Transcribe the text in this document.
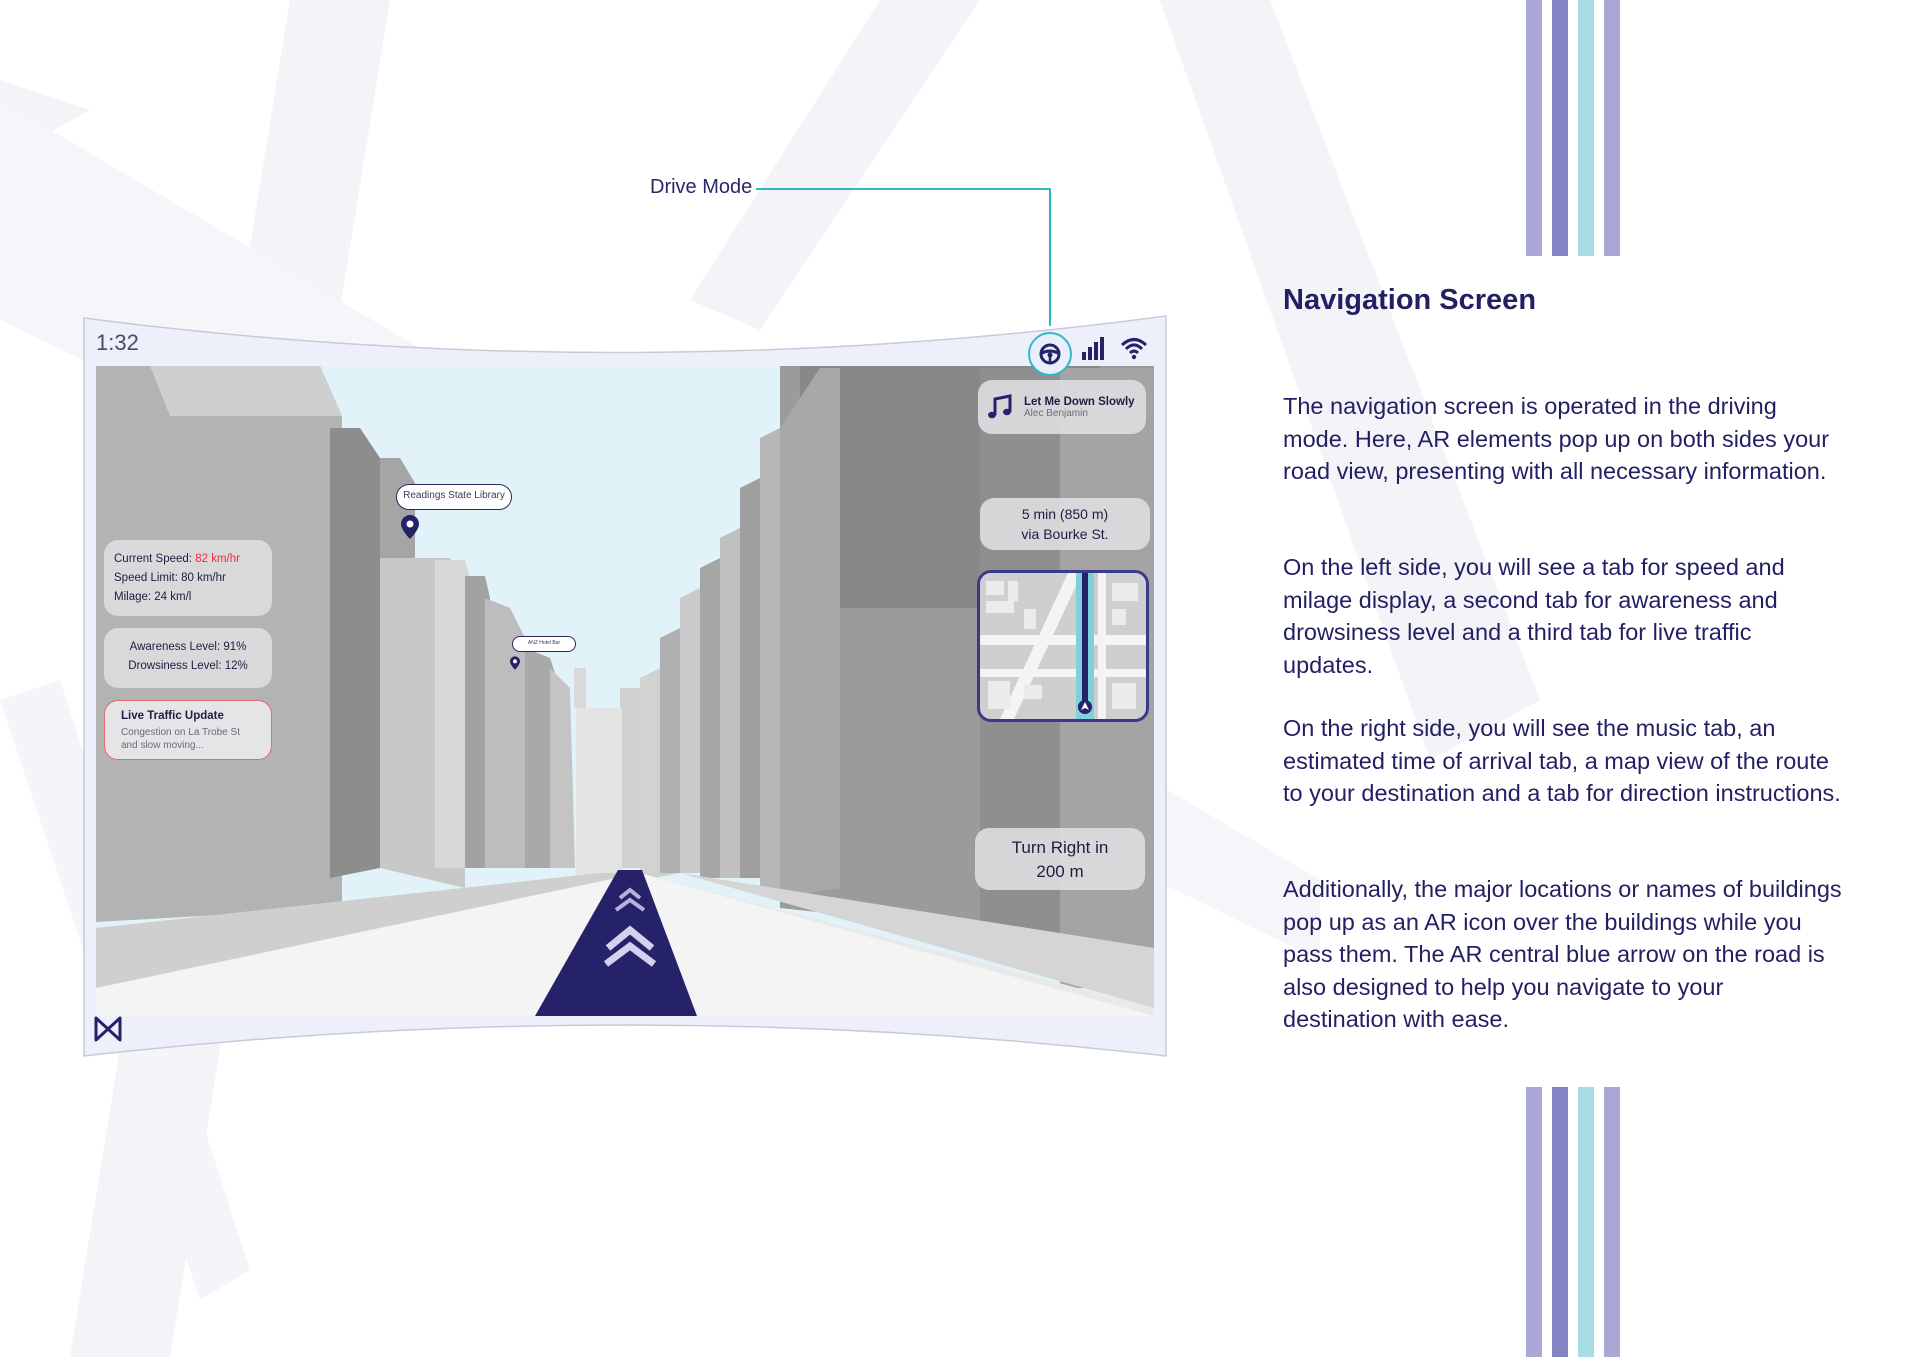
Drive Mode
1:32
Current Speed: 82 km/hr
Speed Limit: 80 km/hr
Milage: 24 km/l
Awareness Level: 91%
Drowsiness Level: 12%
Live Traffic Update
Congestion on La Trobe St and slow moving...
Readings State Library
ANZ Hotel Bar
Let Me Down Slowly
Alec Benjamin
5 min (850 m)
via Bourke St.
Turn Right in
200 m
Navigation Screen

The navigation screen is operated in the driving mode. Here, AR elements pop up on both sides your road view, presenting with all necessary information.

On the left side, you will see a tab for speed and milage display, a second tab for awareness and drowsiness level and a third tab for live traffic updates.

On the right side, you will see the music tab, an estimated time of arrival tab, a map view of the route to your destination and a tab for direction instructions.

Additionally, the major locations or names of buildings pop up as an AR icon over the buildings while you pass them. The AR central blue arrow on the road is also designed to help you navigate to your destination with ease.
